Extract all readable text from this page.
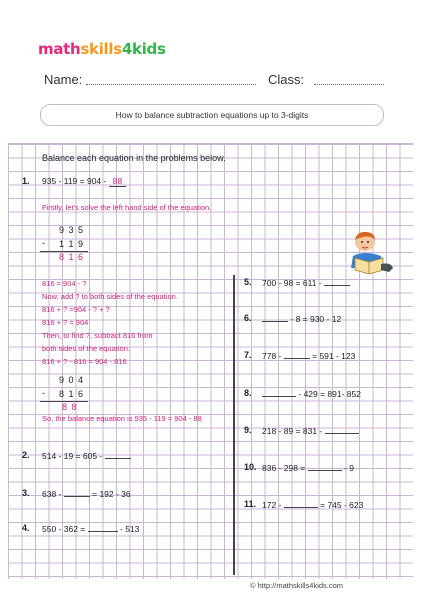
mathskills4kids
Name:	Class:
How to balance subtraction equations up to 3-digits
Balance each equation in the problems below.
1. 935 - 119 = 904 - 88
Firstly, let's solve the left hand side of the equation.
9 3 5
- 1 1 9
8 1 6
816 = 904 - ?
Now, add ? to both sides of the equation.
816 + ? =904 - ? + ?
816 + ? = 904
Then, to find ?, subtract 816 from
both sides of the equation.
816 + ? - 816 = 904 - 816
9 0 4
- 8 1 6
8 8
So, the balance equation is 935 - 119 = 904 - 88
2. 514 - 19 = 605 -
3. 638 -	= 192 - 36
4. 550 - 362 =	- 513
5. 700 - 98 = 611 -
6.	- 8 = 930 - 12
7. 778 -	= 591 - 123
8.	- 429 = 891- 852
9. 218 - 89 = 831 -
10. 836 - 298 =	- 9
11. 172 -	= 745 - 623
© http://mathskills4kids.com
